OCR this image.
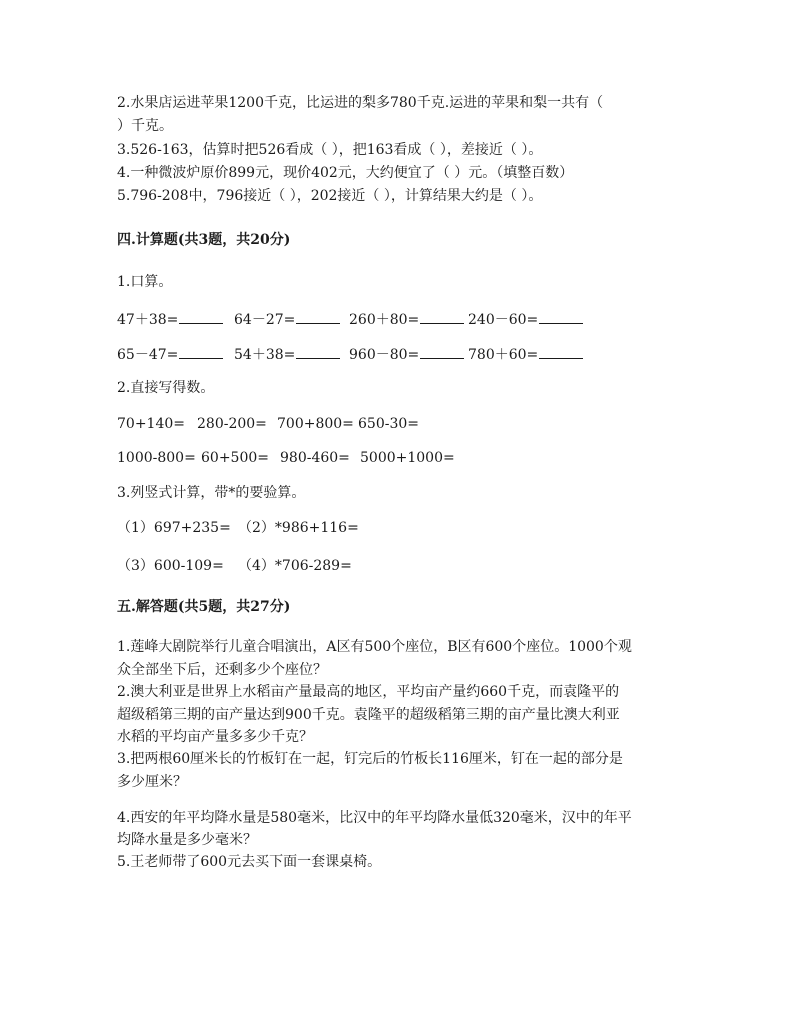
2.水果店运进苹果1200千克，比运进的梨多780千克.运进的苹果和梨一共有（
）千克。
3.526-163，估算时把526看成（ ），把163看成（ ），差接近（ ）。
4.一种微波炉原价899元，现价402元，大约便宜了（ ）元。（填整百数）
5.796-208中，796接近（ ），202接近（ ），计算结果大约是（ ）。
四.计算题(共3题，共20分)
1.口算。
47＋38=	64－27=	260＋80=	240－60=
65－47=	54＋38=	960－80=	780＋60=
2.直接写得数。
70+140= 280-200= 700+800= 650-30=
1000-800= 60+500= 980-460= 5000+1000=
3.列竖式计算，带*的要验算。
（1）697+235= （2）*986+116=
（3）600-109= （4）*706-289=
五.解答题(共5题，共27分)
1.莲峰大剧院举行儿童合唱演出，A区有500个座位，B区有600个座位。1000个观
众全部坐下后，还剩多少个座位？
2.澳大利亚是世界上水稻亩产量最高的地区，平均亩产量约660千克，而袁隆平的
超级稻第三期的亩产量达到900千克。袁隆平的超级稻第三期的亩产量比澳大利亚
水稻的平均亩产量多多少千克？
3.把两根60厘米长的竹板钉在一起，钉完后的竹板长116厘米，钉在一起的部分是
多少厘米？
4.西安的年平均降水量是580毫米，比汉中的年平均降水量低320毫米，汉中的年平
均降水量是多少毫米？
5.王老师带了600元去买下面一套课桌椅。
